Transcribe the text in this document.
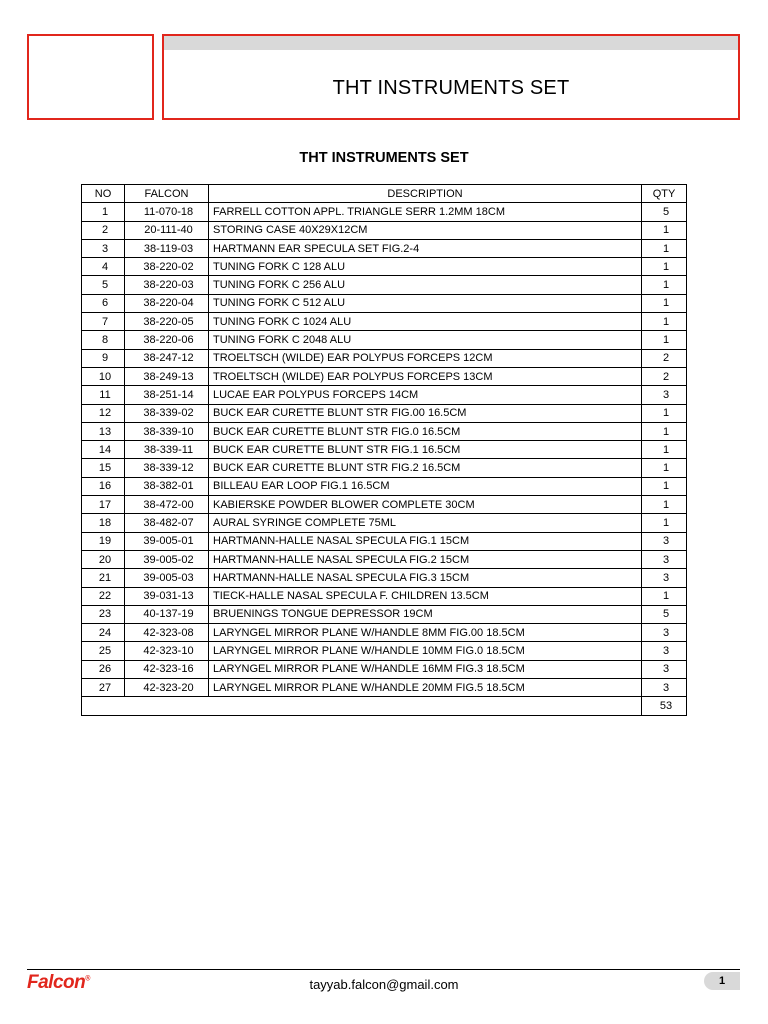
THT INSTRUMENTS SET
THT INSTRUMENTS SET
NO	FALCON	DESCRIPTION	QTY
1	11-070-18	FARRELL COTTON APPL. TRIANGLE SERR 1.2MM 18CM	5
2	20-111-40	STORING CASE 40X29X12CM	1
3	38-119-03	HARTMANN EAR SPECULA SET FIG.2-4	1
4	38-220-02	TUNING FORK C 128 ALU	1
5	38-220-03	TUNING FORK C 256 ALU	1
6	38-220-04	TUNING FORK C 512 ALU	1
7	38-220-05	TUNING FORK C 1024 ALU	1
8	38-220-06	TUNING FORK C 2048 ALU	1
9	38-247-12	TROELTSCH (WILDE) EAR POLYPUS FORCEPS 12CM	2
10	38-249-13	TROELTSCH (WILDE) EAR POLYPUS FORCEPS 13CM	2
11	38-251-14	LUCAE EAR POLYPUS FORCEPS 14CM	3
12	38-339-02	BUCK EAR CURETTE BLUNT STR FIG.00 16.5CM	1
13	38-339-10	BUCK EAR CURETTE BLUNT STR FIG.0 16.5CM	1
14	38-339-11	BUCK EAR CURETTE BLUNT STR FIG.1 16.5CM	1
15	38-339-12	BUCK EAR CURETTE BLUNT STR FIG.2 16.5CM	1
16	38-382-01	BILLEAU EAR LOOP FIG.1 16.5CM	1
17	38-472-00	KABIERSKE POWDER BLOWER COMPLETE 30CM	1
18	38-482-07	AURAL SYRINGE COMPLETE 75ML	1
19	39-005-01	HARTMANN-HALLE NASAL SPECULA FIG.1 15CM	3
20	39-005-02	HARTMANN-HALLE NASAL SPECULA FIG.2 15CM	3
21	39-005-03	HARTMANN-HALLE NASAL SPECULA FIG.3 15CM	3
22	39-031-13	TIECK-HALLE NASAL SPECULA F. CHILDREN 13.5CM	1
23	40-137-19	BRUENINGS TONGUE DEPRESSOR 19CM	5
24	42-323-08	LARYNGEL MIRROR PLANE W/HANDLE 8MM FIG.00 18.5CM	3
25	42-323-10	LARYNGEL MIRROR PLANE W/HANDLE 10MM FIG.0 18.5CM	3
26	42-323-16	LARYNGEL MIRROR PLANE W/HANDLE 16MM FIG.3 18.5CM	3
27	42-323-20	LARYNGEL MIRROR PLANE W/HANDLE 20MM FIG.5 18.5CM	3
			53
Falcon®	tayyab.falcon@gmail.com	1
